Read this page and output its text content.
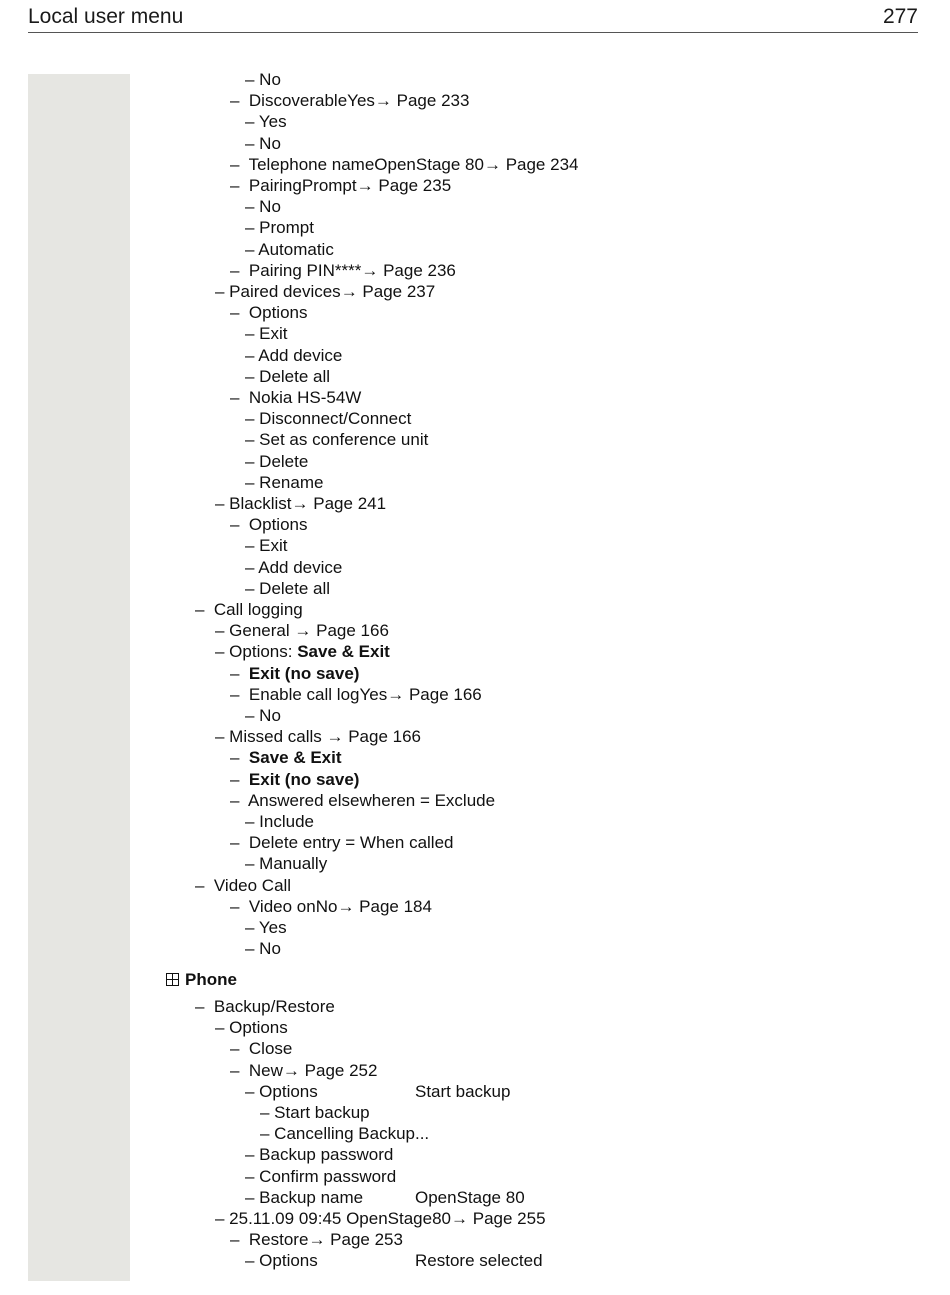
Local user menu	277
– No
–  DiscoverableYes→ Page 233
– Yes
– No
–  Telephone nameOpenStage 80→ Page 234
–  PairingPrompt→ Page 235
– No
– Prompt
– Automatic
–  Pairing PIN****→ Page 236
– Paired devices→ Page 237
–  Options
– Exit
– Add device
– Delete all
–  Nokia HS-54W
– Disconnect/Connect
– Set as conference unit
– Delete
– Rename
– Blacklist→ Page 241
–  Options
– Exit
– Add device
– Delete all
–  Call logging
– General → Page 166
– Options: Save & Exit
–  Exit (no save)
–  Enable call logYes→ Page 166
– No
– Missed calls → Page 166
–  Save & Exit
–  Exit (no save)
–  Answered elsewheren = Exclude
– Include
–  Delete entry = When called
– Manually
–  Video Call
–  Video onNo→ Page 184
– Yes
– No
Phone
–  Backup/Restore
– Options
–  Close
–  New→ Page 252
– Options	Start backup
– Start backup
– Cancelling Backup...
– Backup password
– Confirm password
– Backup name	OpenStage 80
– 25.11.09 09:45 OpenStage80→ Page 255
–  Restore→ Page 253
– Options	Restore selected
